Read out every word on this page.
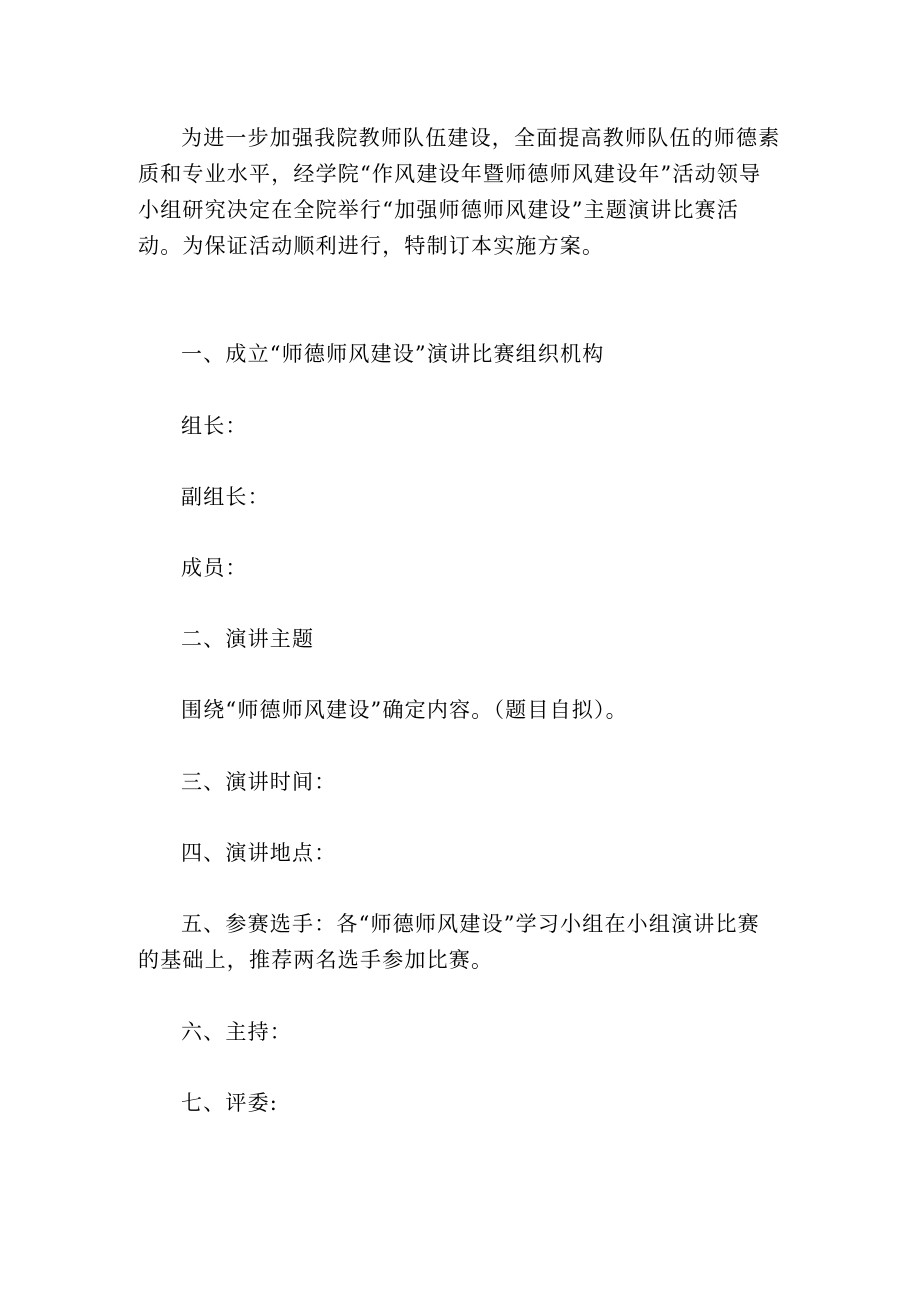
为进一步加强我院教师队伍建设，全面提高教师队伍的师德素
质和专业水平，经学院“作风建设年暨师德师风建设年”活动领导
小组研究决定在全院举行“加强师德师风建设”主题演讲比赛活
动。为保证活动顺利进行，特制订本实施方案。

一、成立“师德师风建设”演讲比赛组织机构

组长：

副组长：

成员：

二、演讲主题

围绕“师德师风建设”确定内容。（题目自拟）。

三、演讲时间：

四、演讲地点：

五、参赛选手：各“师德师风建设”学习小组在小组演讲比赛
的基础上，推荐两名选手参加比赛。

六、主持：

七、评委:
